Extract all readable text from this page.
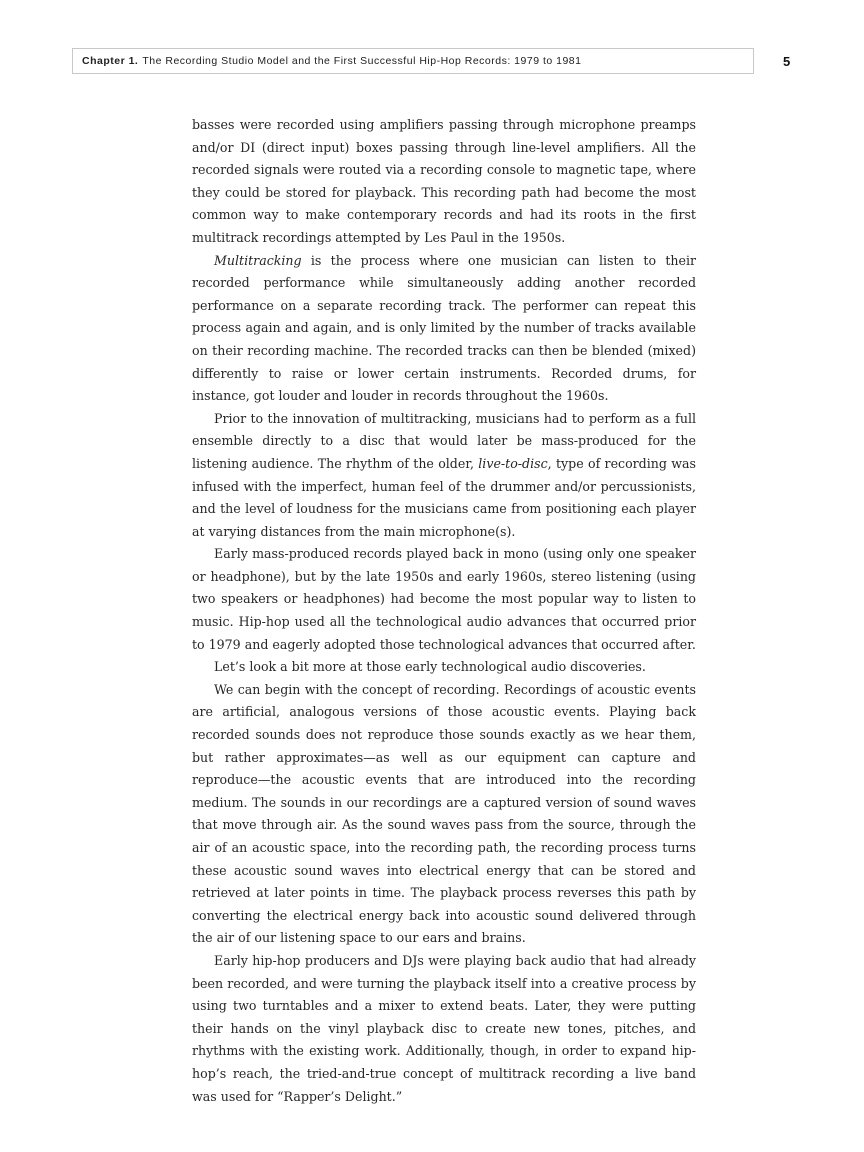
Chapter 1. The Recording Studio Model and the First Successful Hip-Hop Records: 1979 to 1981	5

basses were recorded using amplifiers passing through microphone preamps and/or DI (direct input) boxes passing through line-level amplifiers. All the recorded signals were routed via a recording console to magnetic tape, where they could be stored for playback. This recording path had become the most common way to make contemporary records and had its roots in the first multitrack recordings attempted by Les Paul in the 1950s.

Multitracking is the process where one musician can listen to their recorded performance while simultaneously adding another recorded performance on a separate recording track. The performer can repeat this process again and again, and is only limited by the number of tracks available on their recording machine. The recorded tracks can then be blended (mixed) differently to raise or lower certain instruments. Recorded drums, for instance, got louder and louder in records throughout the 1960s.

Prior to the innovation of multitracking, musicians had to perform as a full ensemble directly to a disc that would later be mass-produced for the listening audience. The rhythm of the older, live-to-disc, type of recording was infused with the imperfect, human feel of the drummer and/or percussionists, and the level of loudness for the musicians came from positioning each player at varying distances from the main microphone(s).

Early mass-produced records played back in mono (using only one speaker or headphone), but by the late 1950s and early 1960s, stereo listening (using two speakers or headphones) had become the most popular way to listen to music. Hip-hop used all the technological audio advances that occurred prior to 1979 and eagerly adopted those technological advances that occurred after.

Let’s look a bit more at those early technological audio discoveries.

We can begin with the concept of recording. Recordings of acoustic events are artificial, analogous versions of those acoustic events. Playing back recorded sounds does not reproduce those sounds exactly as we hear them, but rather approximates—as well as our equipment can capture and reproduce—the acoustic events that are introduced into the recording medium. The sounds in our recordings are a captured version of sound waves that move through air. As the sound waves pass from the source, through the air of an acoustic space, into the recording path, the recording process turns these acoustic sound waves into electrical energy that can be stored and retrieved at later points in time. The playback process reverses this path by converting the electrical energy back into acoustic sound delivered through the air of our listening space to our ears and brains.

Early hip-hop producers and DJs were playing back audio that had already been recorded, and were turning the playback itself into a creative process by using two turntables and a mixer to extend beats. Later, they were putting their hands on the vinyl playback disc to create new tones, pitches, and rhythms with the existing work. Additionally, though, in order to expand hip-hop’s reach, the tried-and-true concept of multitrack recording a live band was used for “Rapper’s Delight.”
